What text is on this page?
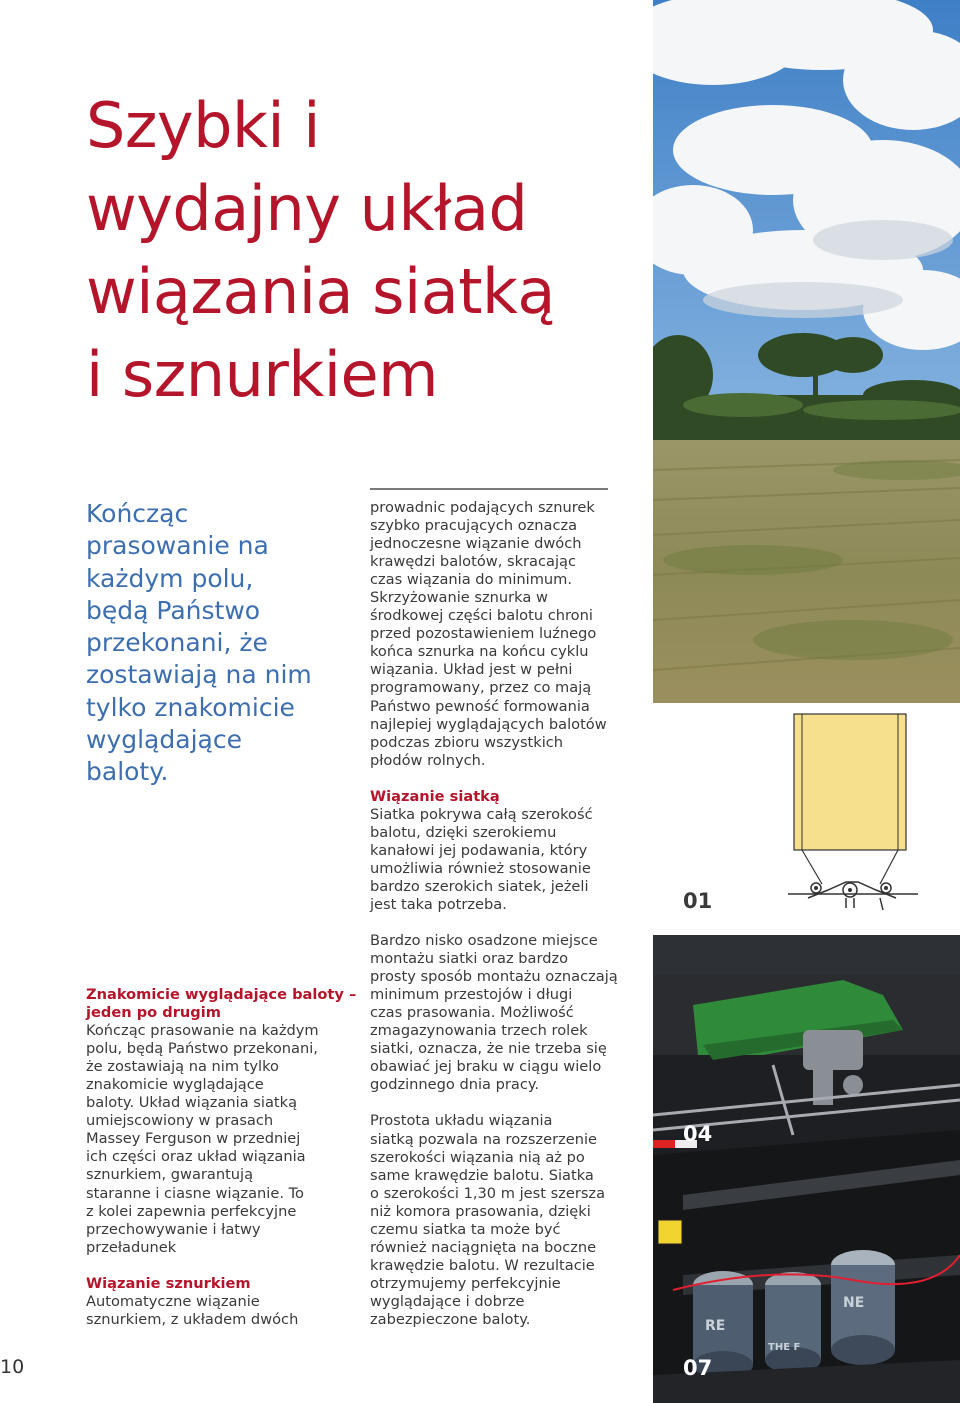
Szybki i
wydajny układ
wiązania siatką
i sznurkiem

Kończąc
prasowanie na
każdym polu,
będą Państwo
przekonani, że
zostawiają na nim
tylko znakomicie
wyglądające
baloty.

Znakomicie wyglądające baloty –
jeden po drugim
Kończąc prasowanie na każdym
polu, będą Państwo przekonani,
że zostawiają na nim tylko
znakomicie wyglądające
baloty. Układ wiązania siatką
umiejscowiony w prasach
Massey Ferguson w przedniej
ich części oraz układ wiązania
sznurkiem, gwarantują
staranne i ciasne wiązanie. To
z kolei zapewnia perfekcyjne
przechowywanie i łatwy
przeładunek
Wiązanie sznurkiem
Automatyczne wiązanie
sznurkiem, z układem dwóch
prowadnic podających sznurek
szybko pracujących oznacza
jednoczesne wiązanie dwóch
krawędzi balotów, skracając
czas wiązania do minimum.
Skrzyżowanie sznurka w
środkowej części balotu chroni
przed pozostawieniem luźnego
końca sznurka na końcu cyklu
wiązania. Układ jest w pełni
programowany, przez co mają
Państwo pewność formowania
najlepiej wyglądających balotów
podczas zbioru wszystkich
płodów rolnych.
Wiązanie siatką
Siatka pokrywa całą szerokość
balotu, dzięki szerokiemu
kanałowi jej podawania, który
umożliwia również stosowanie
bardzo szerokich siatek, jeżeli
jest taka potrzeba.
Bardzo nisko osadzone miejsce
montażu siatki oraz bardzo
prosty sposób montażu oznaczają
minimum przestojów i długi
czas prasowania. Możliwość
zmagazynowania trzech rolek
siatki, oznacza, że nie trzeba się
obawiać jej braku w ciągu wielo
godzinnego dnia pracy.
Prostota układu wiązania
siatką pozwala na rozszerzenie
szerokości wiązania nią aż po
same krawędzie balotu. Siatka
o szerokości 1,30 m jest szersza
niż komora prasowania, dzięki
czemu siatka ta może być
również naciągnięta na boczne
krawędzie balotu. W rezultacie
otrzymujemy perfekcyjnie
wyglądające i dobrze
zabezpieczone baloty.
01
RE
NE
THE F
04
07
10
